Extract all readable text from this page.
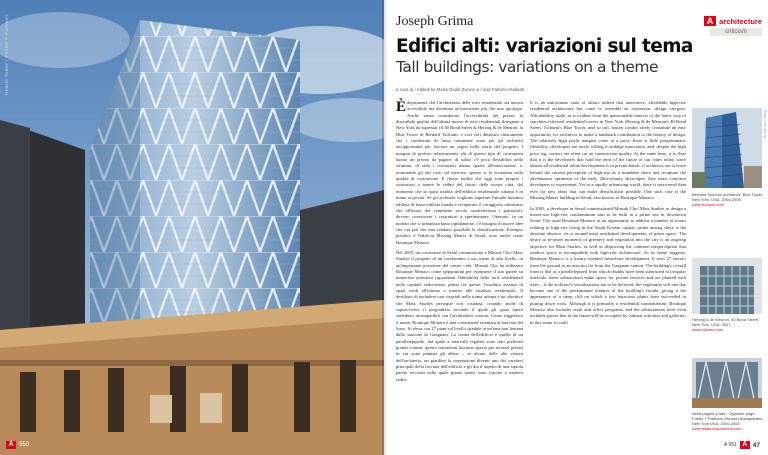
Hearst Tower / Foster + Partners
A 950
Joseph Grima	A architecture
criticism
Edifici alti: variazioni sul tema
Tall buildings: variations on a theme
a cura di / edited by Maria Giulia Zunino e / and Fabrizio Gallanti

Èdeprimente che l'architettura delle torri residenziali sia ancora accessibile ma diventata un'estensione più che una tipologia. Anche senza considerare l'accessibilità dei prezzi, la discutibile qualità dell'ultima messe di torri residenziali disegnate a New York da superstar (il 40 Bond Street di Herzog & de Meuron, la Blue Tower di Bernard Tschumi, e così via) dimostra chiaramente che i condomini di lusso raramente sono per gli architetti un'opportunità per lasciare un segno nella storia del progetto. I margini di profitto relativamente alti di questo tipo di costruzioni hanno un prezzo da pagare: di solito c'è poca flessibilità nella struttura, di rado i costruttori danno spazio all'innovazione, e, nonostante gli alti costi sul mercato, spesso si fa economia sulla qualità di costruzione. Il chiaro inoltre che oggi sono proprio i costruttori a tenere le redini del futuro delle nostre città, dal momento che la quasi totalità dell'edilizia residenziale urbana è in mano ai privati. Se gli architetti vogliono superare l'attuale binomio edilizia di lusso/edilizia banale e recuperare il coraggioso ottimismo che all'inizio del ventesimo secolo caratterizzava i grattacieli, devono convincere i costruttori a sperimentare. Ottenuto, in un mondo che si urbanizza tanto rapidamente, c'è bisogno di nuove idee che ora più che mai rendano possibile la densificazione. Esempio positivo è l'edificio Missing Matrix di Seoul, noto anche come Boutique Monaco.

Nel 2005, un costruttore di Seoul commissionò a Minsuk Cho/ Mass Studies il progetto di un condominio a uso misto di alto livello, in un'importante posizione del centro città. Minsuk Cho ha utilizzato Boutique Monaco come opportunità per esprimere il suo parere su numerose questioni riguardanti l'abitabilità delle torri residenziali nella capitale sudcoreana: prima fra queste, l'assoluta assenza di spazi verdi all'interno o intorno alle strutture residenziali. Il desiderio di includere oasi vegetali nella trama urbana è un obiettivo che Mass Studies persegue con costanza, creando anche di sopravvivere il pregiudizio secondo il quale gli spazi aperti sarebbero incompatibili con l'architettura costosa. Come suggerisce il nome, Boutique Monaco è una costruzione orientata al mercato del lusso. Si eleva con 27 piani sul livello stradale in un'area non lontana dalla stazione di Gangnam. La forma dell'edificio è quella di un parallelepipedo, dal quale a intervalli regolari sono stati prelevati grandi volumi: queste sottrazioni lasciano spazio per terrazzi privati in cui sono piantati gli alberi – se alcuni delle alte visioni dell'architetto, un giardino la vegetazione diventi uno dei caratteri principali della facciata dell'edificio e gli dia il aspetto di una sipiola parete reccinea nella quale piante tonasi sono riuscite a mettere radici.

It is an unfortunate state of affairs indeed that innovative, affordable high-rise residential architecture has come to resemble an oxymoron; design category. Affordability aside, as is evident from the questionable interest of the latest crop of starchitect-devised residential towers in New York (Herzog & de Meuron's 40 Bond Street, Tschumi's Blue Tower, and so on), luxury condos rarely constitute an easy opportunity for architects to make a landmark contribution to the history of design. The relatively high profit margins come at a price: there is little programmatic flexibility, developers are rarely willing to indulge innovation, and, despite the high price tag, corners are often cut on construction quality. At the same time, it is clear that it is the developers that hold the reins of the future of our cities today, since almost all residential urban development is in private hands: if architects are to leave behind the current perception of high-rise as a mundane chore and recapture the adventurous optimism of the early 20th-century skyscraper, they must convince developers to experiment. Yet in a rapidly urbanising world, there is more need than ever for new ideas that can make densification possible. One such case is the Missing Matrix building in Seoul, also known as Boutique Monaco.

In 2005, a developer in Seoul commissioned Minsuk Cho/ Mass Studies to design a mixed-use high-rise condominium unit to be built in a prime site in downtown Seoul. Cho used Boutique Monaco as an opportunity to address a number of issues relating to high-rise living in the South Korean capital, prime among these is the absolute absence, in or around most residential developments, of green space. The desire to re-insert moments of greenery and vegetation into the city is an ongoing objective for Mass Studies, as well as disproving the common misperception that outdoor space is incompatible with high-rise architecture. As its name suggests, Boutique Monaco is a luxury-oriented mixed-use development. It rises 27 storeys from the ground in an area not far from the Gangnam station. The building's overall form is that of a parallelepiped from which chunks have been subtracted at irregular intervals: these subtractions make space for private terraces and are planted with trees – if the architect's visualizations are to be believed, the vegetation will one day become one of the predominant features of the building's facade, giving it the appearance of a steep cliff on which a few tenacious plants have succeeded in putting down roots. Although it is primarily a residential condominium, Boutique Monaco also includes retail and office programs, and the subterranean level even includes spaces that in the future will be occupied by cultural activities and galleries; in this sense it could

Photo: Lee Jae-ho
Bernard Tschumi Architects, Blue Tower, New York, USA, 2004-2006
www.tschumi.com
Herzog & de Meuron, 40 Bond Street, New York, USA, 2007
www.bdlined.com
Nella pagina a lato / Opposite page: Foster + Partners, Hearst Headquarters, New York USA, 2000-2006
www.fosterandpartners.com
A 951 A 47
